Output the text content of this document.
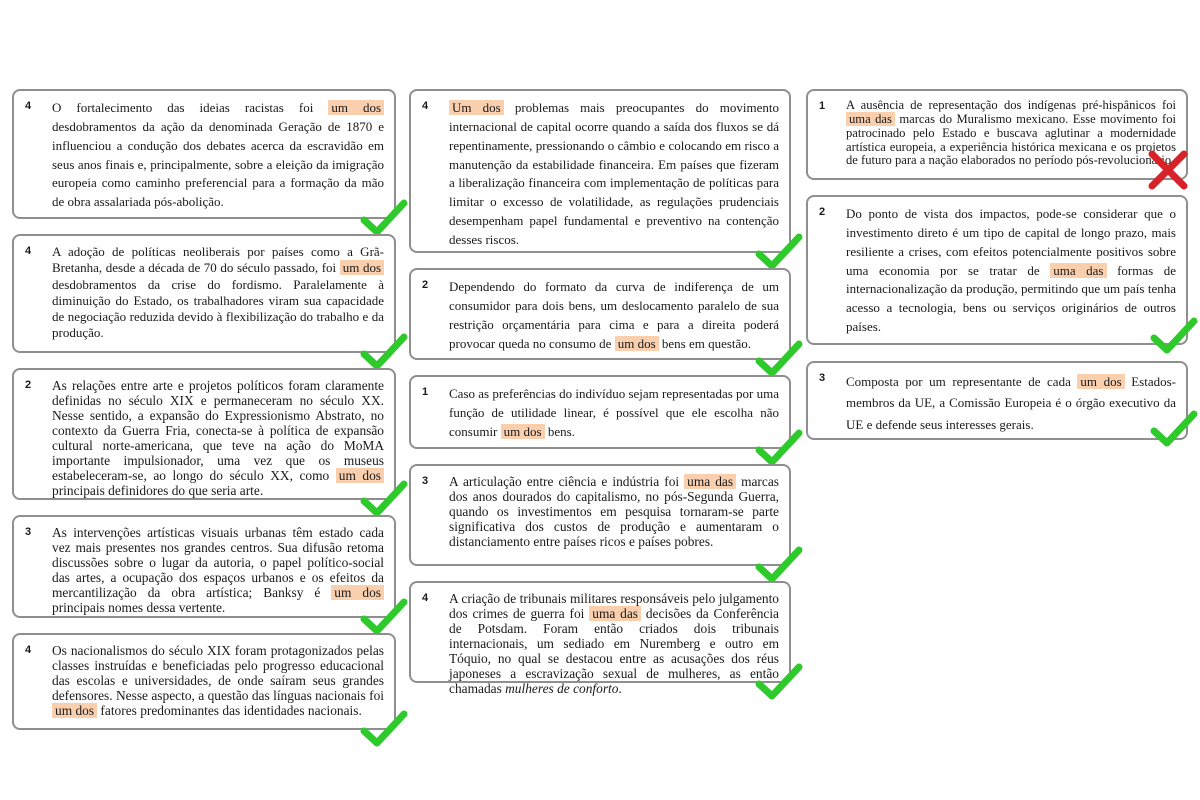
4 O fortalecimento das ideias racistas foi um dos desdobramentos da ação da denominada Geração de 1870 e influenciou a condução dos debates acerca da escravidão em seus anos finais e, principalmente, sobre a eleição da imigração europeia como caminho preferencial para a formação da mão de obra assalariada pós-abolição.
4 A adoção de políticas neoliberais por países como a Grã-Bretanha, desde a década de 70 do século passado, foi um dos desdobramentos da crise do fordismo. Paralelamente à diminuição do Estado, os trabalhadores viram sua capacidade de negociação reduzida devido à flexibilização do trabalho e da produção.
2 As relações entre arte e projetos políticos foram claramente definidas no século XIX e permaneceram no século XX. Nesse sentido, a expansão do Expressionismo Abstrato, no contexto da Guerra Fria, conecta-se à política de expansão cultural norte-americana, que teve na ação do MoMA importante impulsionador, uma vez que os museus estabeleceram-se, ao longo do século XX, como um dos principais definidores do que seria arte.
3 As intervenções artísticas visuais urbanas têm estado cada vez mais presentes nos grandes centros. Sua difusão retoma discussões sobre o lugar da autoria, o papel político-social das artes, a ocupação dos espaços urbanos e os efeitos da mercantilização da obra artística; Banksy é um dos principais nomes dessa vertente.
4 Os nacionalismos do século XIX foram protagonizados pelas classes instruídas e beneficiadas pelo progresso educacional das escolas e universidades, de onde saíram seus grandes defensores. Nesse aspecto, a questão das línguas nacionais foi um dos fatores predominantes das identidades nacionais.
4 Um dos problemas mais preocupantes do movimento internacional de capital ocorre quando a saída dos fluxos se dá repentinamente, pressionando o câmbio e colocando em risco a manutenção da estabilidade financeira. Em países que fizeram a liberalização financeira com implementação de políticas para limitar o excesso de volatilidade, as regulações prudenciais desempenham papel fundamental e preventivo na contenção desses riscos.
2 Dependendo do formato da curva de indiferença de um consumidor para dois bens, um deslocamento paralelo de sua restrição orçamentária para cima e para a direita poderá provocar queda no consumo de um dos bens em questão.
1 Caso as preferências do indivíduo sejam representadas por uma função de utilidade linear, é possível que ele escolha não consumir um dos bens.
3 A articulação entre ciência e indústria foi uma das marcas dos anos dourados do capitalismo, no pós-Segunda Guerra, quando os investimentos em pesquisa tornaram-se parte significativa dos custos de produção e aumentaram o distanciamento entre países ricos e países pobres.
4 A criação de tribunais militares responsáveis pelo julgamento dos crimes de guerra foi uma das decisões da Conferência de Potsdam. Foram então criados dois tribunais internacionais, um sediado em Nuremberg e outro em Tóquio, no qual se destacou entre as acusações dos réus japoneses a escravização sexual de mulheres, as então chamadas mulheres de conforto.
1 A ausência de representação dos indígenas pré-hispânicos foi uma das marcas do Muralismo mexicano. Esse movimento foi patrocinado pelo Estado e buscava aglutinar a modernidade artística europeia, a experiência histórica mexicana e os projetos de futuro para a nação elaborados no período pós-revolucionário.
2 Do ponto de vista dos impactos, pode-se considerar que o investimento direto é um tipo de capital de longo prazo, mais resiliente a crises, com efeitos potencialmente positivos sobre uma economia por se tratar de uma das formas de internacionalização da produção, permitindo que um país tenha acesso a tecnologia, bens ou serviços originários de outros países.
3 Composta por um representante de cada um dos Estados-membros da UE, a Comissão Europeia é o órgão executivo da UE e defende seus interesses gerais.
